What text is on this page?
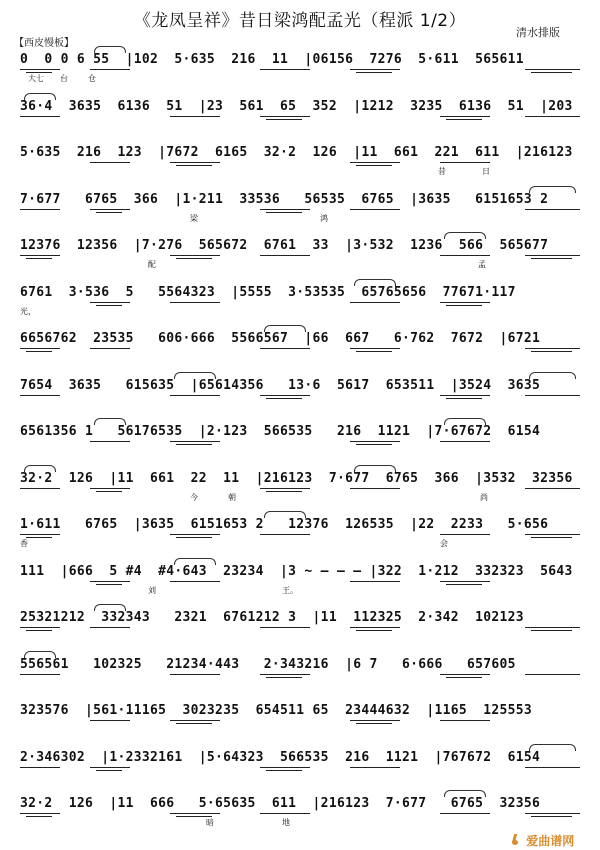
《龙凤呈祥》昔日梁鸿配孟光（程派 1/2）
清水排版
【西皮慢板】
0  0 0 6 55  |102  5·635  216  11  |06156  7276  5·611  565611
大七 台	仓
36·4  3635  6136  51  |23  561  65  352  |1212  3235  6136  51  |203
5·635  216  123  |7672  6165  32·2  126  |11  661  221  611  |216123
昔	日
7·677   6765  366  |1·211  33536   56535  6765  |3635   6151653 2
梁	鸿
12376  12356  |7·276  565672  6761  33  |3·532  1236  566  565677
配	孟
6761  3·536  5   5564323  |5555  3·53535  65765656  77671·117
光，
6656762  23535   606·666  5566567  |66  667   6·762  7672  |6721
7654  3635   615635  |65614356   13·6  5617  653511  |3524  3635
6561356 1   56176535  |2·123  566535   216  1121  |7·67672  6154
32·2  126  |11  661  22  11  |216123  7·677  6765  366  |3532  32356
今	朝	尚
1·611   6765  |3635  6151653 2   12376  126535  |22  2233   5·656
香	会
111  |666  5 #4  #4·643  23234  |3 ~ — — — |322  1·212  332323  5643
刘	王。
25321212  332343   2321  6761212 3  |11  112325  2·342  102123
556561   102325   21234·443   2·343216  |6 7   6·666   657605
323576  |561·11165  3023235  654511 65  23444632  |1165  125553
2·346302  |1·2332161  |5·64323  566535  216  1121  |767672  6154
32·2  126  |11  666   5·65635  611  |216123  7·677   6765  32356
暗	地
爱曲谱网
